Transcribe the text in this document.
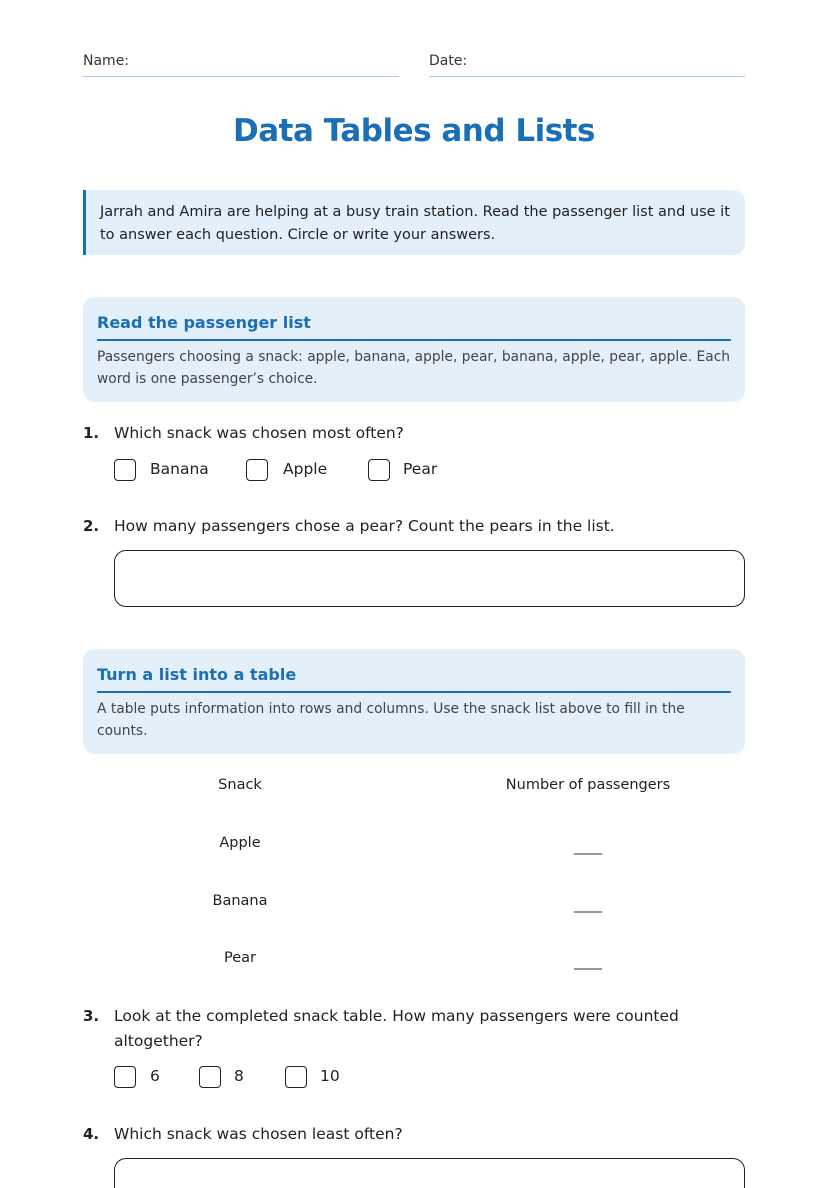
Name:	Date:
Data Tables and Lists
Jarrah and Amira are helping at a busy train station. Read the passenger list and use it to answer each question. Circle or write your answers.
Read the passenger list
Passengers choosing a snack: apple, banana, apple, pear, banana, apple, pear, apple. Each word is one passenger’s choice.
1. Which snack was chosen most often?
Banana	Apple	Pear
2. How many passengers chose a pear? Count the pears in the list.
Turn a list into a table
A table puts information into rows and columns. Use the snack list above to fill in the counts.
Snack	Number of passengers
Apple	____
Banana	____
Pear	____
3. Look at the completed snack table. How many passengers were counted altogether?
6	8	10
4. Which snack was chosen least often?
